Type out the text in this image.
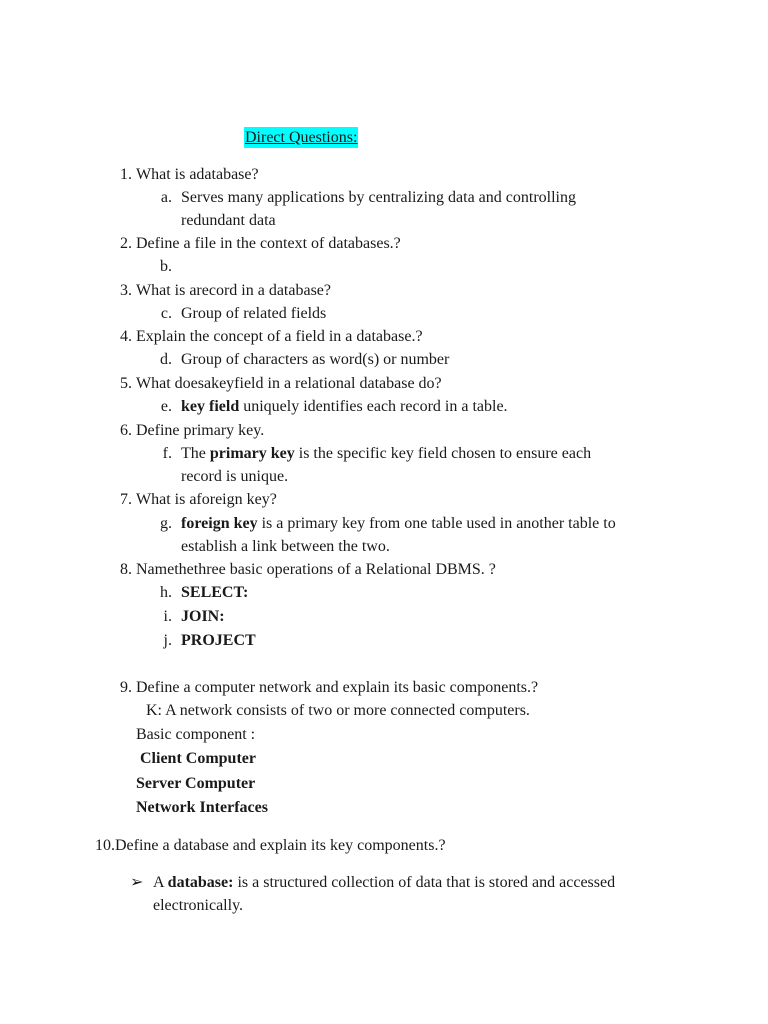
Direct Questions:
1. What is adatabase?
a. Serves many applications by centralizing data and controlling
redundant data
2. Define a file in the context of databases.?
b.
3. What is arecord in a database?
c. Group of related fields
4. Explain the concept of a field in a database.?
d. Group of characters as word(s) or number
5. What doesakeyfield in a relational database do?
e. key field uniquely identifies each record in a table.
6. Define primary key.
f. The primary key is the specific key field chosen to ensure each
record is unique.
7. What is aforeign key?
g. foreign key is a primary key from one table used in another table to
establish a link between the two.
8. Namethethree basic operations of a Relational DBMS. ?
h. SELECT:
i. JOIN:
j. PROJECT
9. Define a computer network and explain its basic components.?
K: A network consists of two or more connected computers.
Basic component :
Client Computer
Server Computer
Network Interfaces
10.Define a database and explain its key components.?
➢ A database: is a structured collection of data that is stored and accessed
electronically.
